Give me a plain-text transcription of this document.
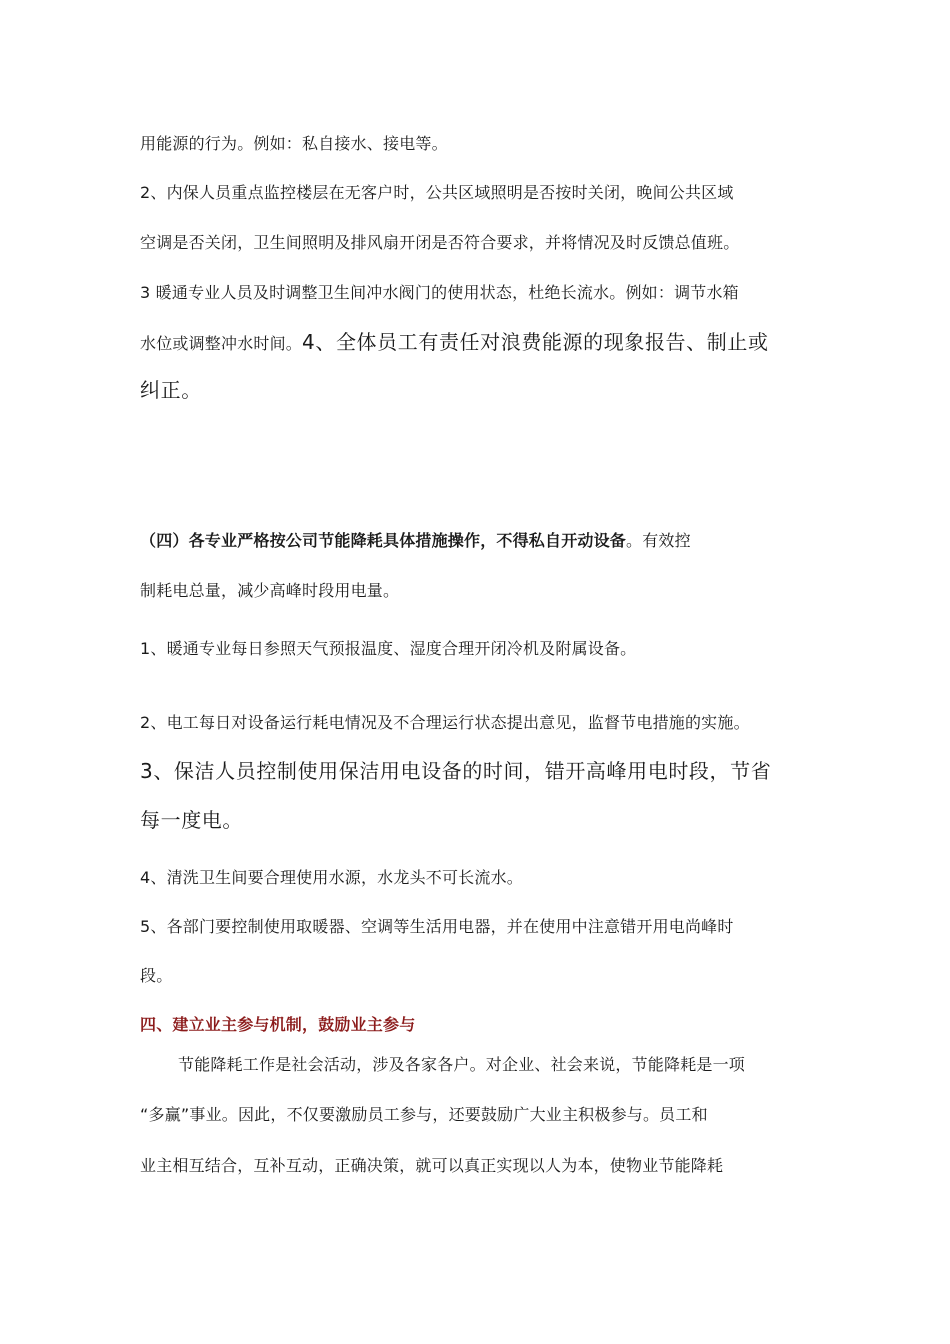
用能源的行为。例如：私自接水、接电等。
2、内保人员重点监控楼层在无客户时，公共区域照明是否按时关闭，晚间公共区域
空调是否关闭，卫生间照明及排风扇开闭是否符合要求，并将情况及时反馈总值班。
3 暖通专业人员及时调整卫生间冲水阀门的使用状态，杜绝长流水。例如：调节水箱
水位或调整冲水时间。4、全体员工有责任对浪费能源的现象报告、制止或
纠正。
（四）各专业严格按公司节能降耗具体措施操作，不得私自开动设备。有效控
制耗电总量，减少高峰时段用电量。
1、暖通专业每日参照天气预报温度、湿度合理开闭冷机及附属设备。
2、电工每日对设备运行耗电情况及不合理运行状态提出意见，监督节电措施的实施。
3、保洁人员控制使用保洁用电设备的时间，错开高峰用电时段，节省
每一度电。
4、清洗卫生间要合理使用水源，水龙头不可长流水。
5、各部门要控制使用取暖器、空调等生活用电器，并在使用中注意错开用电尚峰时
段。
四、建立业主参与机制，鼓励业主参与
节能降耗工作是社会活动，涉及各家各户。对企业、社会来说，节能降耗是一项
“多赢”事业。因此，不仅要激励员工参与，还要鼓励广大业主积极参与。员工和
业主相互结合，互补互动，正确决策，就可以真正实现以人为本，使物业节能降耗
